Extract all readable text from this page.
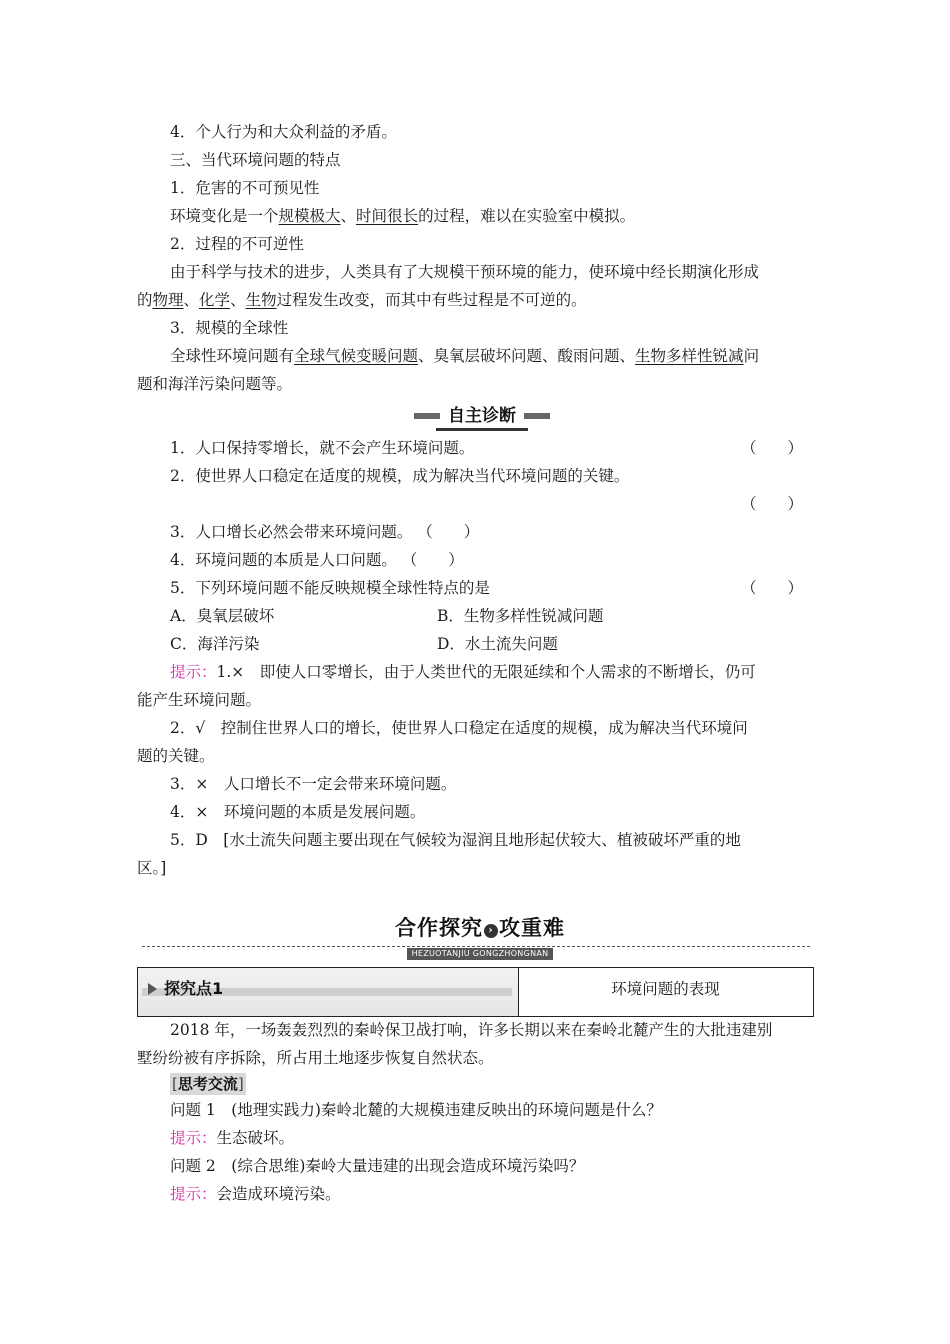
4．个人行为和大众利益的矛盾。
三、当代环境问题的特点
1．危害的不可预见性
环境变化是一个规模极大、时间很长的过程，难以在实验室中模拟。
2．过程的不可逆性
由于科学与技术的进步，人类具有了大规模干预环境的能力，使环境中经长期演化形成
的物理、化学、生物过程发生改变，而其中有些过程是不可逆的。
3．规模的全球性
全球性环境问题有全球气候变暖问题、臭氧层破坏问题、酸雨问题、生物多样性锐减问
题和海洋污染问题等。
自主诊断
1．人口保持零增长，就不会产生环境问题。	（　　）
2．使世界人口稳定在适度的规模，成为解决当代环境问题的关键。
（　　）
3．人口增长必然会带来环境问题。 （　　）
4．环境问题的本质是人口问题。 （　　）
5．下列环境问题不能反映规模全球性特点的是	（　　）
A．臭氧层破坏	B．生物多样性锐减问题
C．海洋污染	D．水土流失问题
提示：1.×　即使人口零增长，由于人类世代的无限延续和个人需求的不断增长，仍可
能产生环境问题。
2．√　控制住世界人口的增长，使世界人口稳定在适度的规模，成为解决当代环境问
题的关键。
3．×　人口增长不一定会带来环境问题。
4．×　环境问题的本质是发展问题。
5．D　[水土流失问题主要出现在气候较为湿润且地形起伏较大、植被破坏严重的地
区。]
合作探究 › 攻重难
HEZUOTANJIU GONGZHONGNAN
探究点1	环境问题的表现
2018 年，一场轰轰烈烈的秦岭保卫战打响，许多长期以来在秦岭北麓产生的大批违建别
墅纷纷被有序拆除，所占用土地逐步恢复自然状态。
[思考交流]
问题 1　(地理实践力)秦岭北麓的大规模违建反映出的环境问题是什么？
提示：生态破坏。
问题 2　(综合思维)秦岭大量违建的出现会造成环境污染吗？
提示：会造成环境污染。
